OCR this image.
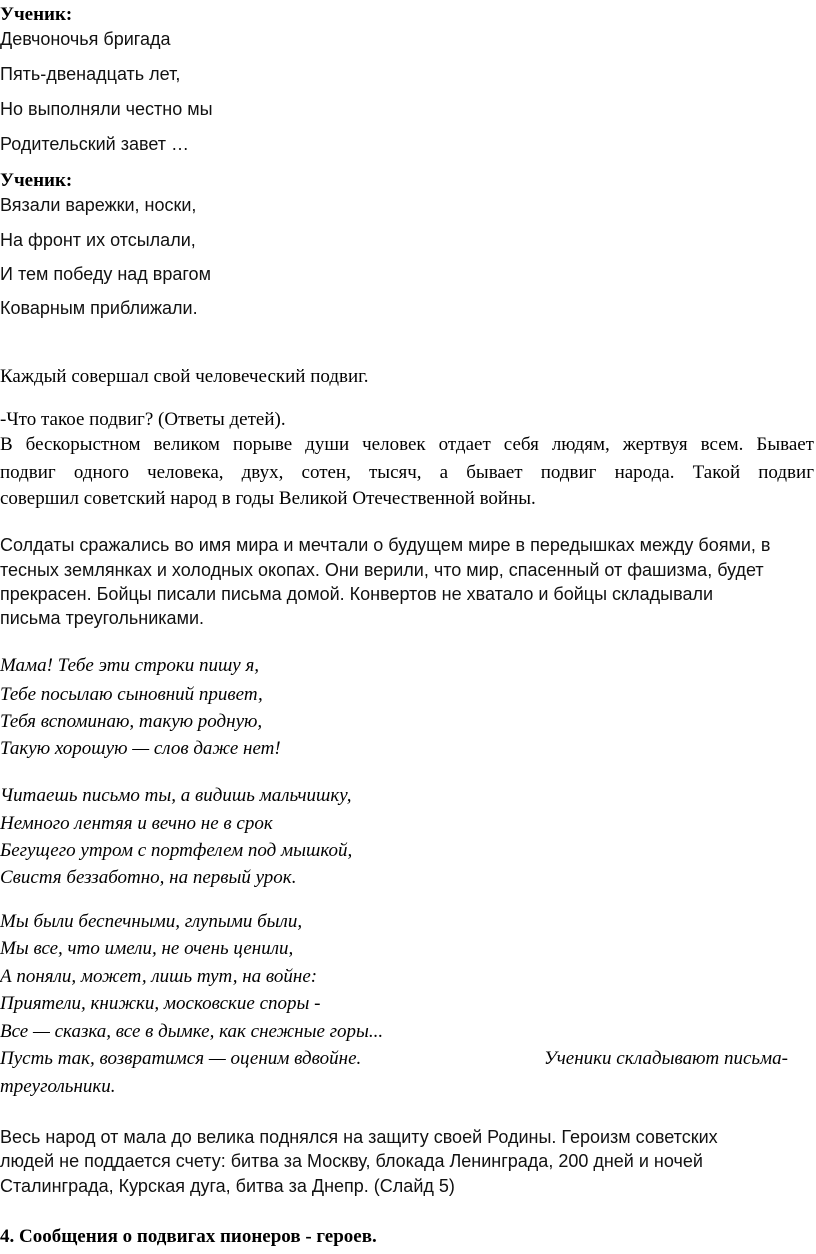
Ученик:
Девчоночья бригада
Пять-двенадцать лет,
Но выполняли честно мы
Родительский завет …
Ученик:
Вязали варежки, носки,
На фронт их отсылали,
И тем победу над врагом
Коварным приближали.
Каждый совершал свой человеческий подвиг.
-Что такое подвиг? (Ответы детей).
В бескорыстном великом порыве души человек отдает себя людям, жертвуя всем. Бывает
подвиг одного человека, двух, сотен, тысяч, а бывает подвиг народа. Такой подвиг
совершил советский народ в годы Великой Отечественной войны.
Солдаты сражались во имя мира и мечтали о будущем мире в передышках между боями, в
тесных землянках и холодных окопах. Они верили, что мир, спасенный от фашизма, будет
прекрасен. Бойцы писали письма домой. Конвертов не хватало и бойцы складывали
письма треугольниками.
Мама! Тебе эти строки пишу я,
Тебе посылаю сыновний привет,
Тебя вспоминаю, такую родную,
Такую хорошую — слов даже нет!
Читаешь письмо ты, а видишь мальчишку,
Немного лентяя и вечно не в срок
Бегущего утром с портфелем под мышкой,
Свистя беззаботно, на первый урок.
Мы были беспечными, глупыми были,
Мы все, что имели, не очень ценили,
А поняли, может, лишь тут, на войне:
Приятели, книжки, московские споры -
Все — сказка, все в дымке, как снежные горы...
Пусть так, возвратимся — оценим вдвойне.	Ученики складывают письма-
треугольники.
Весь народ от мала до велика поднялся на защиту своей Родины. Героизм советских
людей не поддается счету: битва за Москву, блокада Ленинграда, 200 дней и ночей
Сталинграда, Курская дуга, битва за Днепр. (Слайд 5)
4. Сообщения о подвигах пионеров - героев.
